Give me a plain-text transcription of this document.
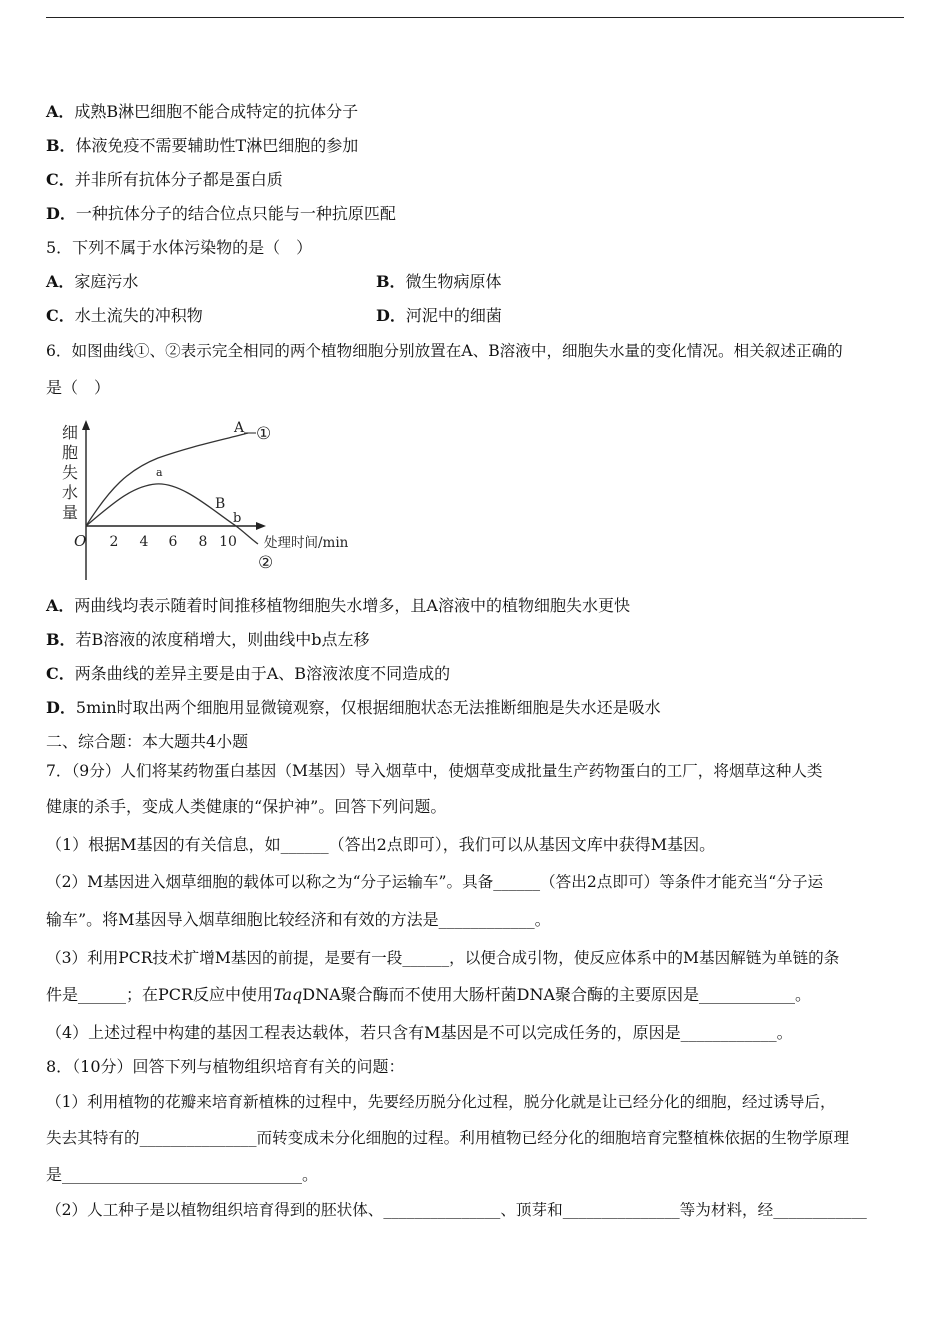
A．成熟B淋巴细胞不能合成特定的抗体分子
B．体液免疫不需要辅助性T淋巴细胞的参加
C．并非所有抗体分子都是蛋白质
D．一种抗体分子的结合位点只能与一种抗原匹配
5．下列不属于水体污染物的是（　）
A．家庭污水	B．微生物病原体
C．水土流失的冲积物	D．河泥中的细菌
6．如图曲线①、②表示完全相同的两个植物细胞分别放置在A、B溶液中，细胞失水量的变化情况。相关叙述正确的
是（　）
细
胞
失
水
量
O 2 4 6 8 10 处理时间/min
A ①
a
B
b
②
A．两曲线均表示随着时间推移植物细胞失水增多，且A溶液中的植物细胞失水更快
B．若B溶液的浓度稍增大，则曲线中b点左移
C．两条曲线的差异主要是由于A、B溶液浓度不同造成的
D．5min时取出两个细胞用显微镜观察，仅根据细胞状态无法推断细胞是失水还是吸水
二、综合题：本大题共4小题
7．（9分）人们将某药物蛋白基因（M基因）导入烟草中，使烟草变成批量生产药物蛋白的工厂，将烟草这种人类
健康的杀手，变成人类健康的“保护神”。回答下列问题。
（1）根据M基因的有关信息，如______（答出2点即可），我们可以从基因文库中获得M基因。
（2）M基因进入烟草细胞的载体可以称之为“分子运输车”。具备______（答出2点即可）等条件才能充当“分子运
输车”。将M基因导入烟草细胞比较经济和有效的方法是____________。
（3）利用PCR技术扩增M基因的前提，是要有一段______，以便合成引物，使反应体系中的M基因解链为单链的条
件是______；在PCR反应中使用TaqDNA聚合酶而不使用大肠杆菌DNA聚合酶的主要原因是____________。
（4）上述过程中构建的基因工程表达载体，若只含有M基因是不可以完成任务的，原因是____________。
8．（10分）回答下列与植物组织培育有关的问题：
（1）利用植物的花瓣来培育新植株的过程中，先要经历脱分化过程，脱分化就是让已经分化的细胞，经过诱导后，
失去其特有的_______________而转变成未分化细胞的过程。利用植物已经分化的细胞培育完整植株依据的生物学原理
是______________________________。
（2）人工种子是以植物组织培育得到的胚状体、_______________、顶芽和_______________等为材料，经____________
